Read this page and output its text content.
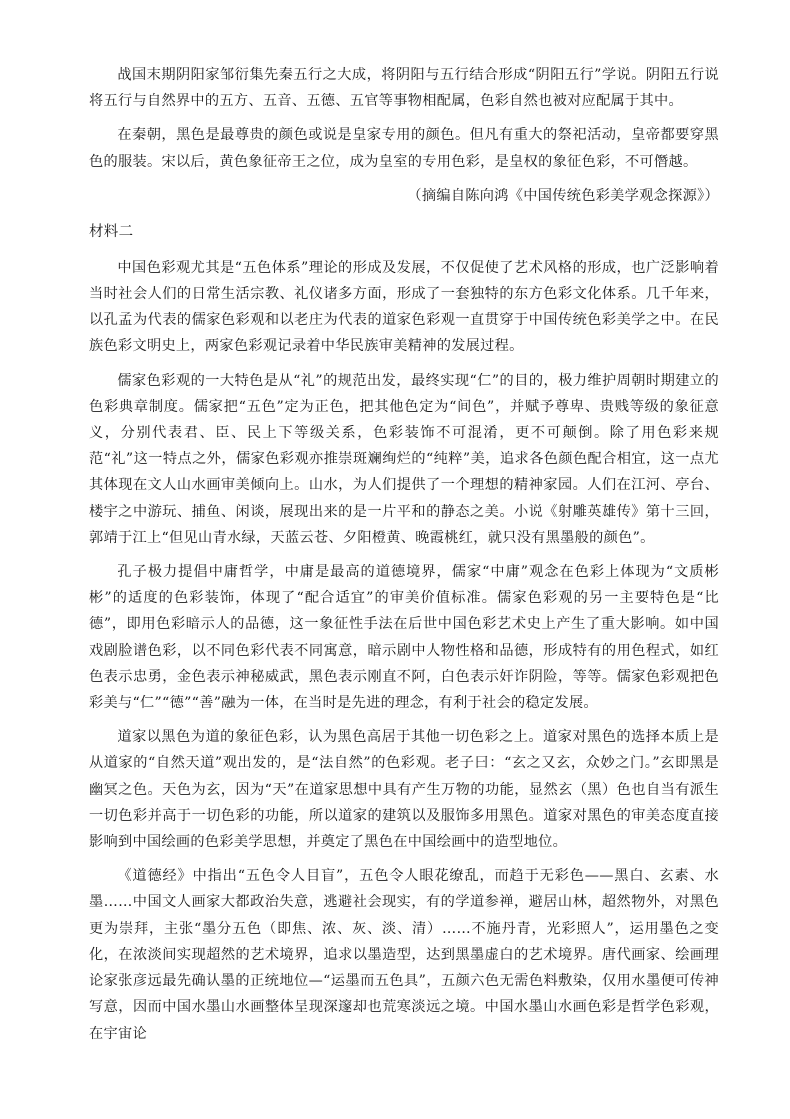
战国末期阴阳家邹衍集先秦五行之大成，将阴阳与五行结合形成“阴阳五行”学说。阴阳五行说将五行与自然界中的五方、五音、五德、五官等事物相配属，色彩自然也被对应配属于其中。

在秦朝，黑色是最尊贵的颜色或说是皇家专用的颜色。但凡有重大的祭祀活动，皇帝都要穿黑色的服装。宋以后，黄色象征帝王之位，成为皇室的专用色彩，是皇权的象征色彩，不可僭越。

（摘编自陈向鸿《中国传统色彩美学观念探源》）

材料二

中国色彩观尤其是“五色体系”理论的形成及发展，不仅促使了艺术风格的形成，也广泛影响着当时社会人们的日常生活宗教、礼仪诸多方面，形成了一套独特的东方色彩文化体系。几千年来，以孔孟为代表的儒家色彩观和以老庄为代表的道家色彩观一直贯穿于中国传统色彩美学之中。在民族色彩文明史上，两家色彩观记录着中华民族审美精神的发展过程。

儒家色彩观的一大特色是从“礼”的规范出发，最终实现“仁”的目的，极力维护周朝时期建立的色彩典章制度。儒家把“五色”定为正色，把其他色定为“间色”，并赋予尊卑、贵贱等级的象征意义，分别代表君、臣、民上下等级关系，色彩装饰不可混淆，更不可颠倒。除了用色彩来规范“礼”这一特点之外，儒家色彩观亦推崇斑斓绚烂的“纯粹”美，追求各色颜色配合相宜，这一点尤其体现在文人山水画审美倾向上。山水，为人们提供了一个理想的精神家园。人们在江河、亭台、楼宇之中游玩、捕鱼、闲谈，展现出来的是一片平和的静态之美。小说《射雕英雄传》第十三回，郭靖于江上“但见山青水绿，天蓝云苍、夕阳橙黄、晚霞桃红，就只没有黑墨般的颜色”。

孔子极力提倡中庸哲学，中庸是最高的道德境界，儒家“中庸”观念在色彩上体现为“文质彬彬”的适度的色彩装饰，体现了“配合适宜”的审美价值标准。儒家色彩观的另一主要特色是“比德”，即用色彩暗示人的品德，这一象征性手法在后世中国色彩艺术史上产生了重大影响。如中国戏剧脸谱色彩，以不同色彩代表不同寓意，暗示剧中人物性格和品德，形成特有的用色程式，如红色表示忠勇，金色表示神秘威武，黑色表示刚直不阿，白色表示奸诈阴险，等等。儒家色彩观把色彩美与“仁”“德”“善”融为一体，在当时是先进的理念，有利于社会的稳定发展。

道家以黑色为道的象征色彩，认为黑色高居于其他一切色彩之上。道家对黑色的选择本质上是从道家的“自然天道”观出发的，是“法自然”的色彩观。老子曰：“玄之又玄，众妙之门。”玄即黑是幽冥之色。天色为玄，因为“天”在道家思想中具有产生万物的功能，显然玄（黑）色也自当有派生一切色彩并高于一切色彩的功能，所以道家的建筑以及服饰多用黑色。道家对黑色的审美态度直接影响到中国绘画的色彩美学思想，并奠定了黑色在中国绘画中的造型地位。

《道德经》中指出“五色令人目盲”，五色令人眼花缭乱，而趋于无彩色——黑白、玄素、水墨……中国文人画家大都政治失意，逃避社会现实，有的学道参禅，避居山林，超然物外，对黑色更为崇拜，主张“墨分五色（即焦、浓、灰、淡、清）……不施丹青，光彩照人”，运用墨色之变化，在浓淡间实现超然的艺术境界，追求以墨造型，达到黑墨虚白的艺术境界。唐代画家、绘画理论家张彦远最先确认墨的正统地位—“运墨而五色具”，五颜六色无需色料敷染，仅用水墨便可传神写意，因而中国水墨山水画整体呈现深邃却也荒寒淡远之境。中国水墨山水画色彩是哲学色彩观，在宇宙论
